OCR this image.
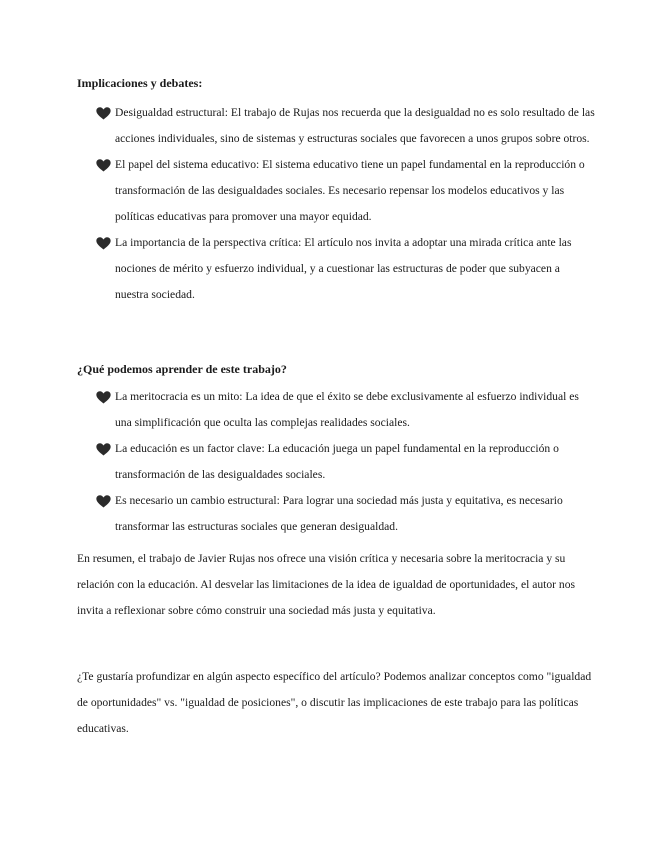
Implicaciones y debates:
Desigualdad estructural: El trabajo de Rujas nos recuerda que la desigualdad no es solo resultado de las acciones individuales, sino de sistemas y estructuras sociales que favorecen a unos grupos sobre otros.
El papel del sistema educativo: El sistema educativo tiene un papel fundamental en la reproducción o transformación de las desigualdades sociales. Es necesario repensar los modelos educativos y las políticas educativas para promover una mayor equidad.
La importancia de la perspectiva crítica: El artículo nos invita a adoptar una mirada crítica ante las nociones de mérito y esfuerzo individual, y a cuestionar las estructuras de poder que subyacen a nuestra sociedad.
¿Qué podemos aprender de este trabajo?
La meritocracia es un mito: La idea de que el éxito se debe exclusivamente al esfuerzo individual es una simplificación que oculta las complejas realidades sociales.
La educación es un factor clave: La educación juega un papel fundamental en la reproducción o transformación de las desigualdades sociales.
Es necesario un cambio estructural: Para lograr una sociedad más justa y equitativa, es necesario transformar las estructuras sociales que generan desigualdad.

En resumen, el trabajo de Javier Rujas nos ofrece una visión crítica y necesaria sobre la meritocracia y su relación con la educación. Al desvelar las limitaciones de la idea de igualdad de oportunidades, el autor nos invita a reflexionar sobre cómo construir una sociedad más justa y equitativa.

¿Te gustaría profundizar en algún aspecto específico del artículo? Podemos analizar conceptos como "igualdad de oportunidades" vs. "igualdad de posiciones", o discutir las implicaciones de este trabajo para las políticas educativas.
